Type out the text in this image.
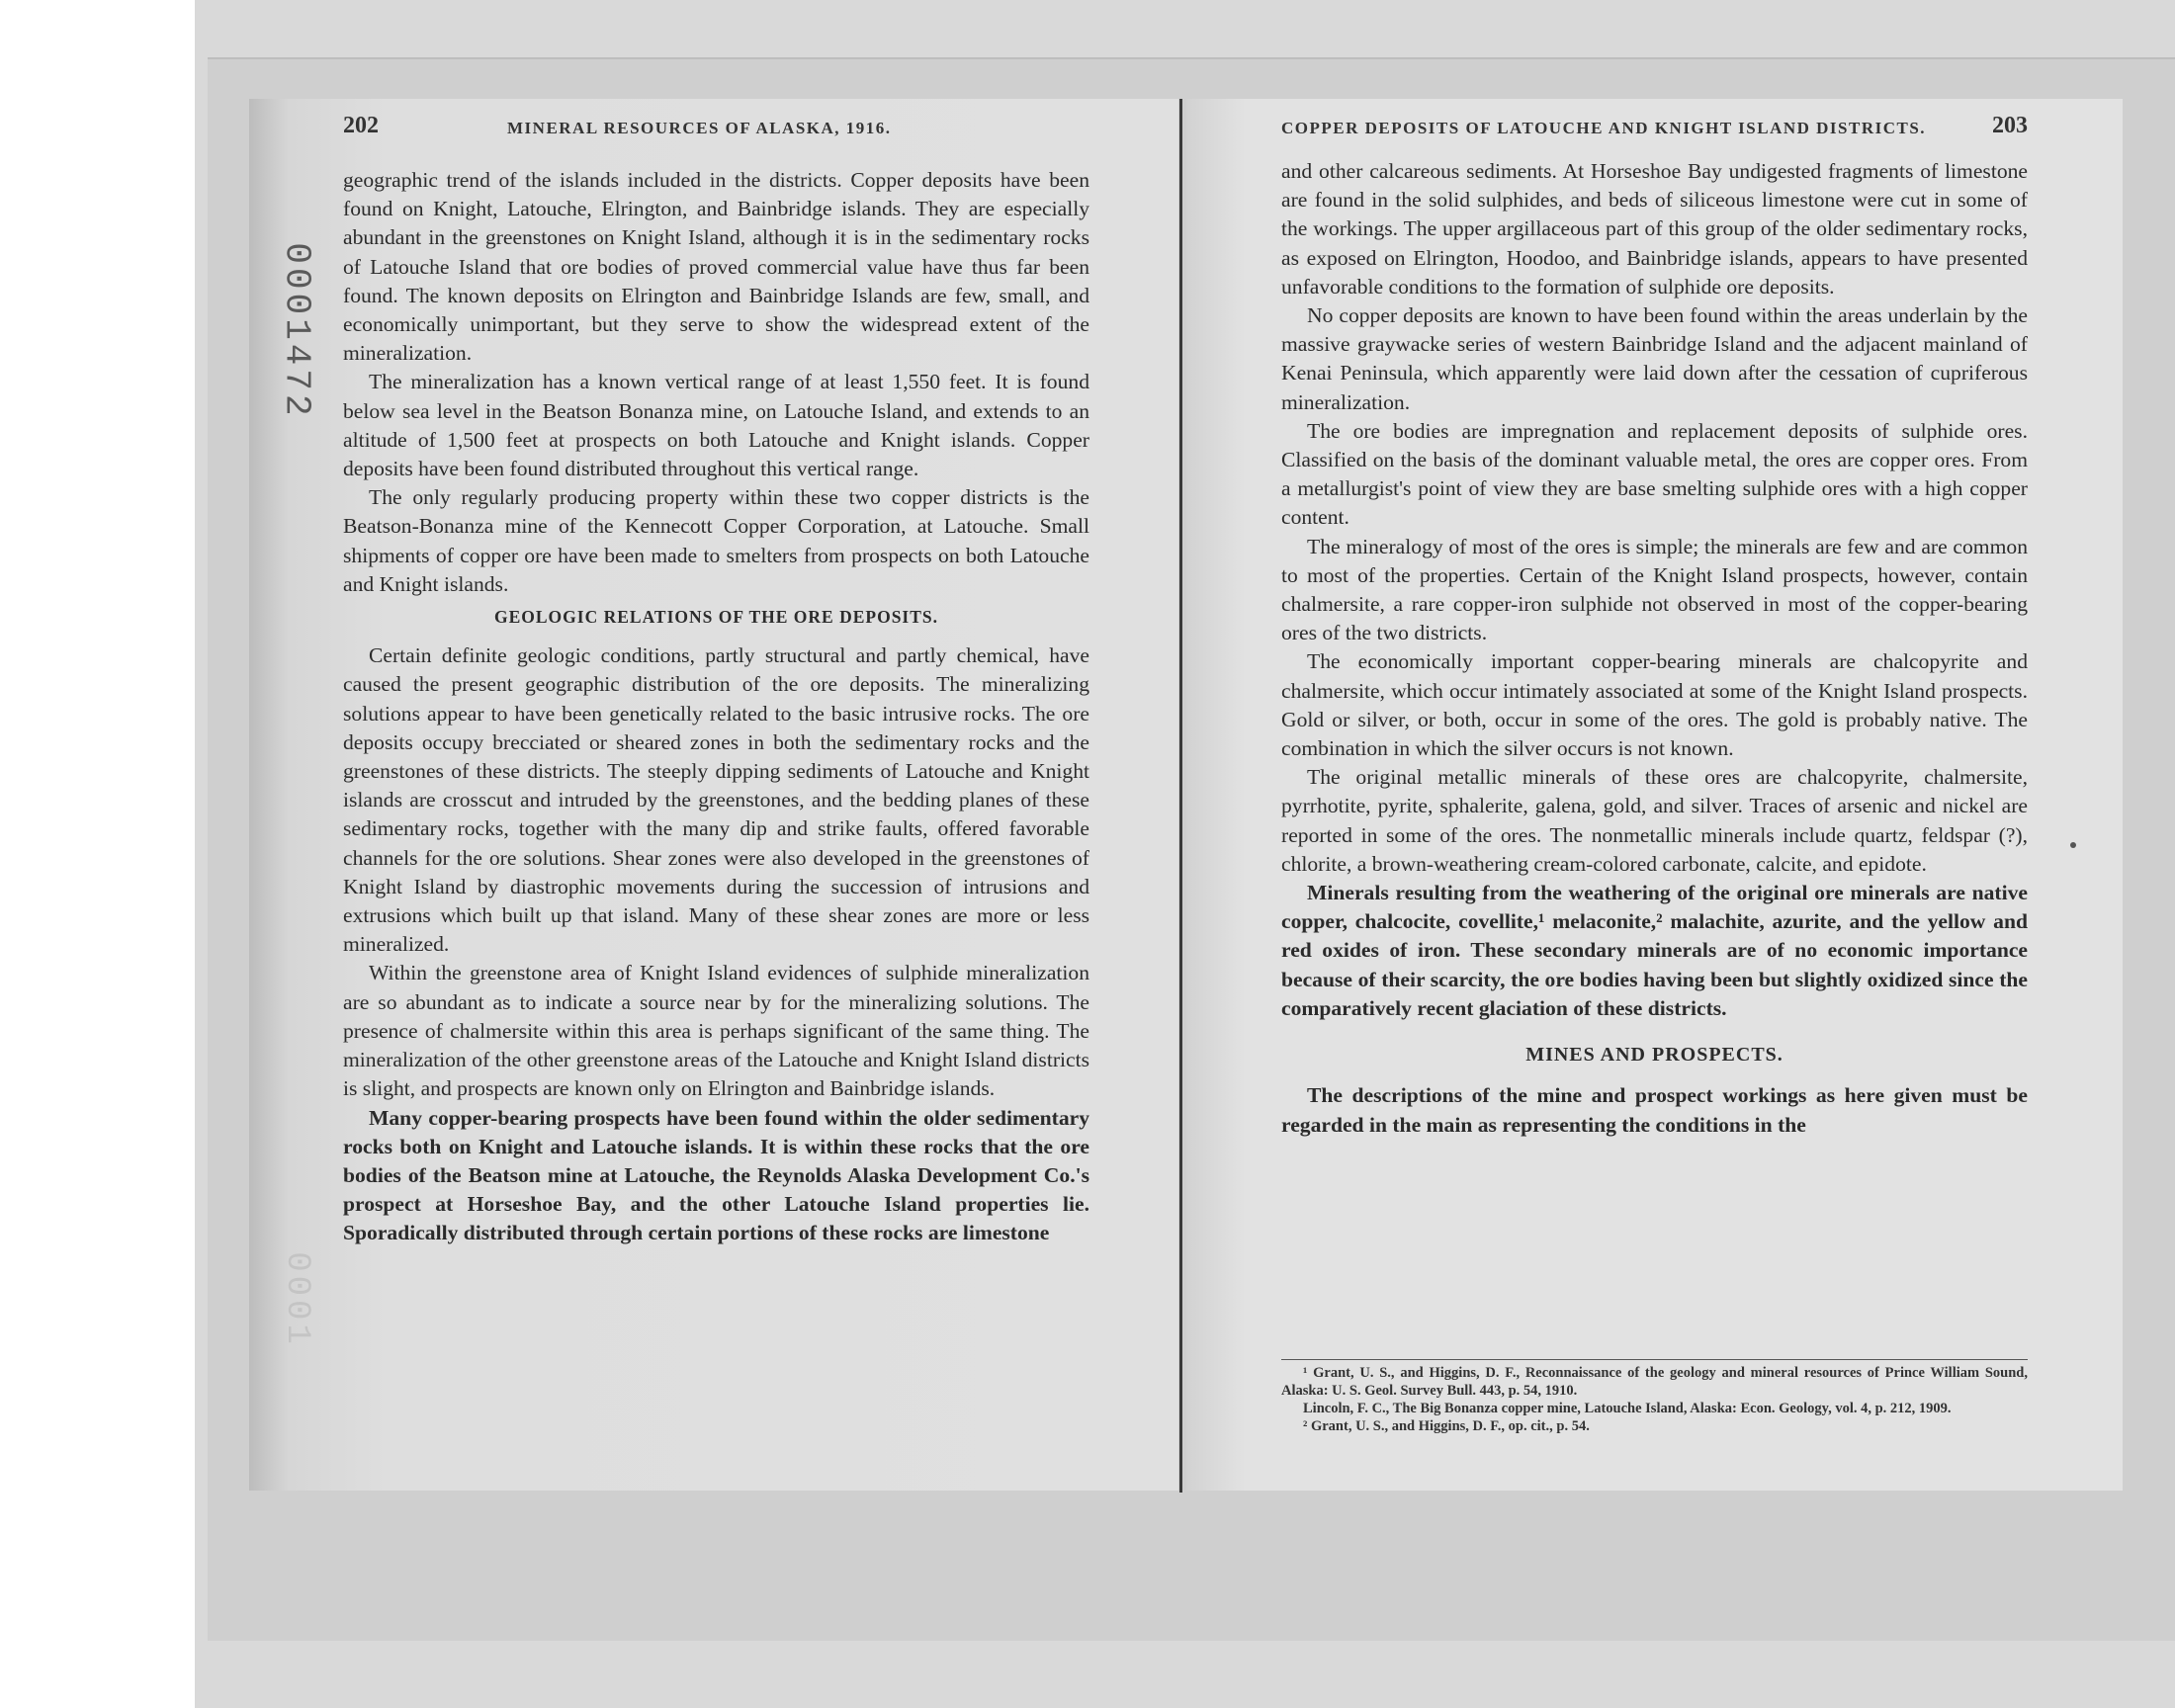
0001472
0001
202	MINERAL RESOURCES OF ALASKA, 1916.	COPPER DEPOSITS OF LATOUCHE AND KNIGHT ISLAND DISTRICTS.	203

geographic trend of the islands included in the districts. Copper deposits have been found on Knight, Latouche, Elrington, and Bainbridge islands. They are especially abundant in the greenstones on Knight Island, although it is in the sedimentary rocks of Latouche Island that ore bodies of proved commercial value have thus far been found. The known deposits on Elrington and Bainbridge Islands are few, small, and economically unimportant, but they serve to show the widespread extent of the mineralization.

The mineralization has a known vertical range of at least 1,550 feet. It is found below sea level in the Beatson Bonanza mine, on Latouche Island, and extends to an altitude of 1,500 feet at prospects on both Latouche and Knight islands. Copper deposits have been found distributed throughout this vertical range.

The only regularly producing property within these two copper districts is the Beatson-Bonanza mine of the Kennecott Copper Corporation, at Latouche. Small shipments of copper ore have been made to smelters from prospects on both Latouche and Knight islands.

GEOLOGIC RELATIONS OF THE ORE DEPOSITS.

Certain definite geologic conditions, partly structural and partly chemical, have caused the present geographic distribution of the ore deposits. The mineralizing solutions appear to have been genetically related to the basic intrusive rocks. The ore deposits occupy brecciated or sheared zones in both the sedimentary rocks and the greenstones of these districts. The steeply dipping sediments of Latouche and Knight islands are crosscut and intruded by the greenstones, and the bedding planes of these sedimentary rocks, together with the many dip and strike faults, offered favorable channels for the ore solutions. Shear zones were also developed in the greenstones of Knight Island by diastrophic movements during the succession of intrusions and extrusions which built up that island. Many of these shear zones are more or less mineralized.

Within the greenstone area of Knight Island evidences of sulphide mineralization are so abundant as to indicate a source near by for the mineralizing solutions. The presence of chalmersite within this area is perhaps significant of the same thing. The mineralization of the other greenstone areas of the Latouche and Knight Island districts is slight, and prospects are known only on Elrington and Bainbridge islands.

Many copper-bearing prospects have been found within the older sedimentary rocks both on Knight and Latouche islands. It is within these rocks that the ore bodies of the Beatson mine at Latouche, the Reynolds Alaska Development Co.'s prospect at Horseshoe Bay, and the other Latouche Island properties lie. Sporadically distributed through certain portions of these rocks are limestone

and other calcareous sediments. At Horseshoe Bay undigested fragments of limestone are found in the solid sulphides, and beds of siliceous limestone were cut in some of the workings. The upper argillaceous part of this group of the older sedimentary rocks, as exposed on Elrington, Hoodoo, and Bainbridge islands, appears to have presented unfavorable conditions to the formation of sulphide ore deposits.

No copper deposits are known to have been found within the areas underlain by the massive graywacke series of western Bainbridge Island and the adjacent mainland of Kenai Peninsula, which apparently were laid down after the cessation of cupriferous mineralization.

The ore bodies are impregnation and replacement deposits of sulphide ores. Classified on the basis of the dominant valuable metal, the ores are copper ores. From a metallurgist's point of view they are base smelting sulphide ores with a high copper content.

The mineralogy of most of the ores is simple; the minerals are few and are common to most of the properties. Certain of the Knight Island prospects, however, contain chalmersite, a rare copper-iron sulphide not observed in most of the copper-bearing ores of the two districts.

The economically important copper-bearing minerals are chalcopyrite and chalmersite, which occur intimately associated at some of the Knight Island prospects. Gold or silver, or both, occur in some of the ores. The gold is probably native. The combination in which the silver occurs is not known.

The original metallic minerals of these ores are chalcopyrite, chalmersite, pyrrhotite, pyrite, sphalerite, galena, gold, and silver. Traces of arsenic and nickel are reported in some of the ores. The nonmetallic minerals include quartz, feldspar (?), chlorite, a brown-weathering cream-colored carbonate, calcite, and epidote.

Minerals resulting from the weathering of the original ore minerals are native copper, chalcocite, covellite,¹ melaconite,² malachite, azurite, and the yellow and red oxides of iron. These secondary minerals are of no economic importance because of their scarcity, the ore bodies having been but slightly oxidized since the comparatively recent glaciation of these districts.

MINES AND PROSPECTS.

The descriptions of the mine and prospect workings as here given must be regarded in the main as representing the conditions in the

¹ Grant, U. S., and Higgins, D. F., Reconnaissance of the geology and mineral resources of Prince William Sound, Alaska: U. S. Geol. Survey Bull. 443, p. 54, 1910.

Lincoln, F. C., The Big Bonanza copper mine, Latouche Island, Alaska: Econ. Geology, vol. 4, p. 212, 1909.

² Grant, U. S., and Higgins, D. F., op. cit., p. 54.
